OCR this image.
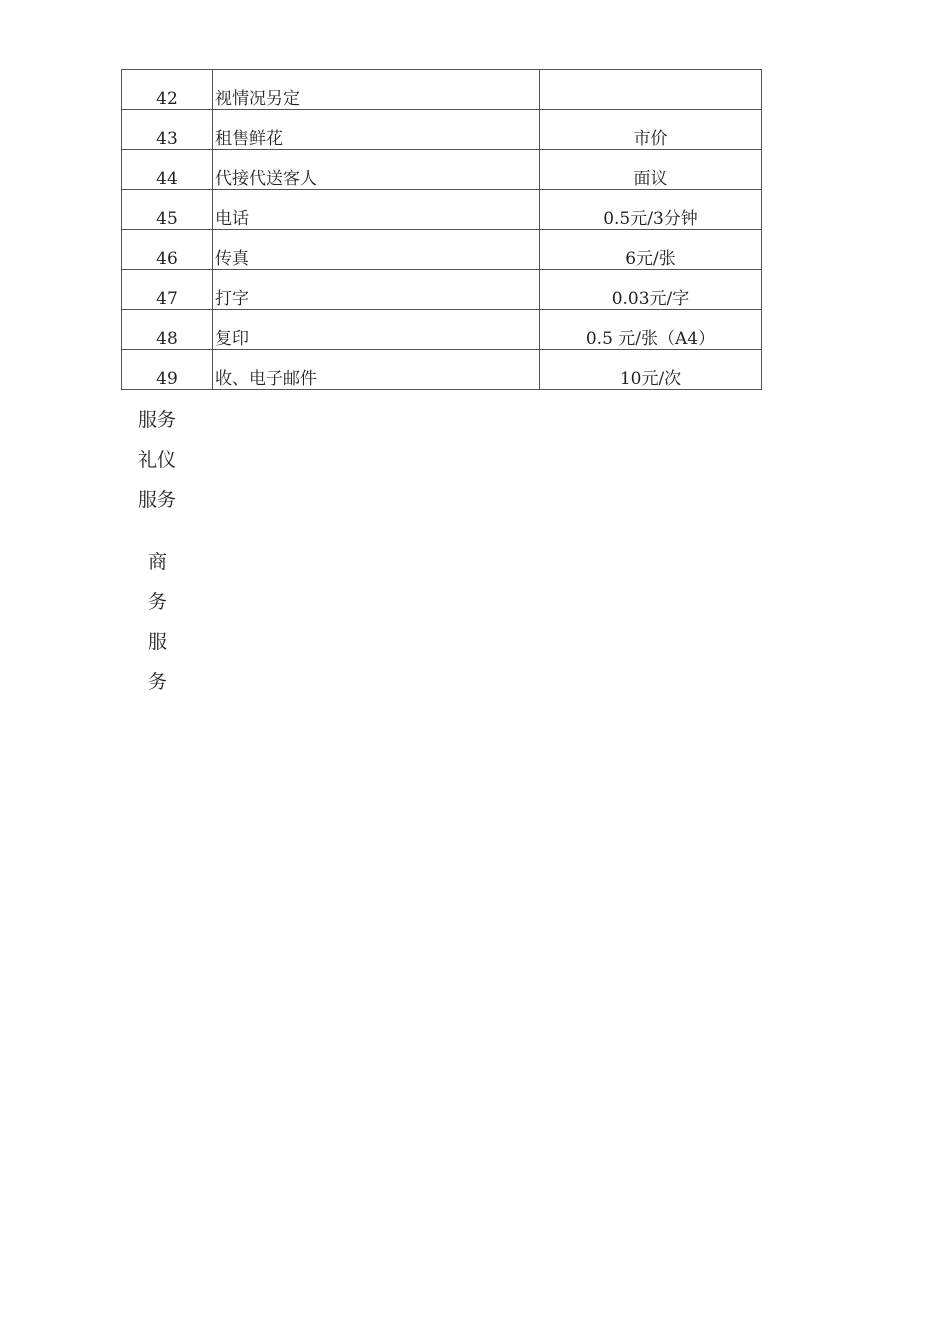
42	视情况另定	
43	租售鲜花	市价
44	代接代送客人	面议
45	电话	0.5元/3分钟
46	传真	6元/张
47	打字	0.03元/字
48	复印	0.5 元/张（A4）
49	收、电子邮件	10元/次
服务
礼仪
服务
商
务
服
务
